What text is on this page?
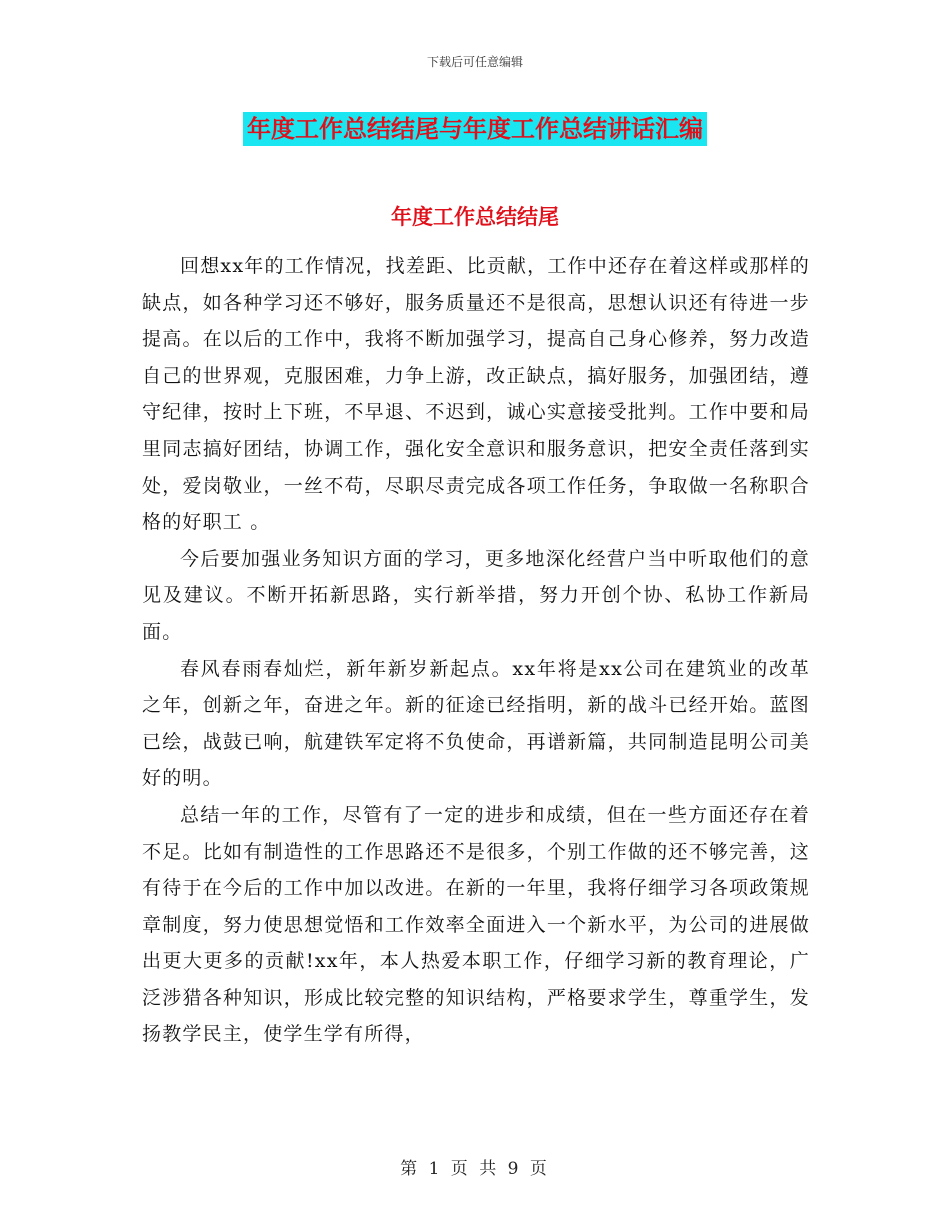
下载后可任意编辑
年度工作总结结尾与年度工作总结讲话汇编
年度工作总结结尾

回想xx年的工作情况，找差距、比贡献，工作中还存在着这样或那样的缺点，如各种学习还不够好，服务质量还不是很高，思想认识还有待进一步提高。在以后的工作中，我将不断加强学习，提高自己身心修养，努力改造自己的世界观，克服困难，力争上游，改正缺点，搞好服务，加强团结，遵守纪律，按时上下班，不早退、不迟到，诚心实意接受批判。工作中要和局里同志搞好团结，协调工作，强化安全意识和服务意识，把安全责任落到实处，爱岗敬业，一丝不苟，尽职尽责完成各项工作任务，争取做一名称职合格的好职工 。

今后要加强业务知识方面的学习，更多地深化经营户当中听取他们的意见及建议。不断开拓新思路，实行新举措，努力开创个协、私协工作新局面。

春风春雨春灿烂，新年新岁新起点。xx年将是xx公司在建筑业的改革之年，创新之年，奋进之年。新的征途已经指明，新的战斗已经开始。蓝图已绘，战鼓已响，航建铁军定将不负使命，再谱新篇，共同制造昆明公司美好的明。

总结一年的工作，尽管有了一定的进步和成绩，但在一些方面还存在着不足。比如有制造性的工作思路还不是很多，个别工作做的还不够完善，这有待于在今后的工作中加以改进。在新的一年里，我将仔细学习各项政策规章制度，努力使思想觉悟和工作效率全面进入一个新水平，为公司的进展做出更大更多的贡献!xx年，本人热爱本职工作，仔细学习新的教育理论，广泛涉猎各种知识，形成比较完整的知识结构，严格要求学生，尊重学生，发扬教学民主，使学生学有所得，

第 1 页 共 9 页
